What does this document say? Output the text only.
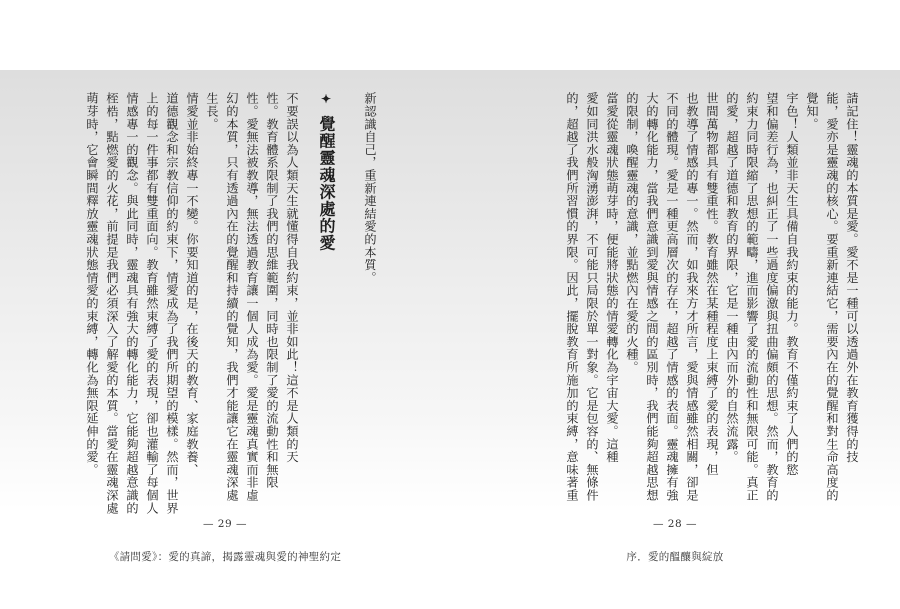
新認識自己，重新連結愛的本質。

✦ 覺醒靈魂深處的愛

不要誤以為人類天生就懂得自我約束，並非如此！這不是人類的天
性。教育體系限制了我們的思維範圍，同時也限制了愛的流動性和無限
性。愛無法被教導，無法透過教育讓一個人成為愛。愛是靈魂真實而非虛
幻的本質，只有透過內在的覺醒和持續的覺知，我們才能讓它在靈魂深處
生長。

情愛並非始終專一不變。你要知道的是，在後天的教育、家庭教養、
道德觀念和宗教信仰的約束下，情愛成為了我們所期望的模樣。然而，世界
上的每一件事都有雙重面向。教育雖然束縛了愛的表現，卻也灌輸了每個人
情感專一的觀念。與此同時，靈魂具有強大的轉化能力，它能夠超越意識的
桎梏，點燃愛的火花，前提是我們必須深入了解愛的本質。當愛在靈魂深處
萌芽時，它會瞬間釋放靈魂狀態情愛的束縛，轉化為無限延伸的愛。

— 29 —
《請問愛》：愛的真諦，揭露靈魂與愛的神聖約定

請記住！靈魂的本質是愛。愛不是一種可以透過外在教育獲得的技
能，愛亦是靈魂的核心。要重新連結它，需要內在的覺醒和對生命高度的
覺知。

宇色！人類並非天生具備自我約束的能力。教育不僅約束了人們的慾
望和偏差行為，也糾正了一些過度偏激與扭曲偏頗的思想。然而，教育的
約束力同時限縮了思想的範疇，進而影響了愛的流動性和無限可能。真正
的愛，超越了道德和教育的界限，它是一種由內而外的自然流露。

世間萬物都具有雙重性。教育雖然在某種程度上束縛了愛的表現，但
也教導了情感的專一。然而，如我來方才所言，愛與情感雖然相關，卻是
不同的體現。愛是一種更高層次的存在，超越了情感的表面。靈魂擁有強
大的轉化能力，當我們意識到愛與情感之間的區別時，我們能夠超越思想
的限制，喚醒靈魂的意識，並點燃內在愛的火種。

當愛從靈魂狀態萌芽時，便能將狀態的情愛轉化為宇宙大愛。這種
愛如同洪水般洶湧澎湃，不可能只局限於單一對象。它是包容的、無條件
的，超越了我們所習慣的界限。因此，擺脫教育所施加的束縛，意味著重

— 28 —
序．愛的醞釀與綻放
